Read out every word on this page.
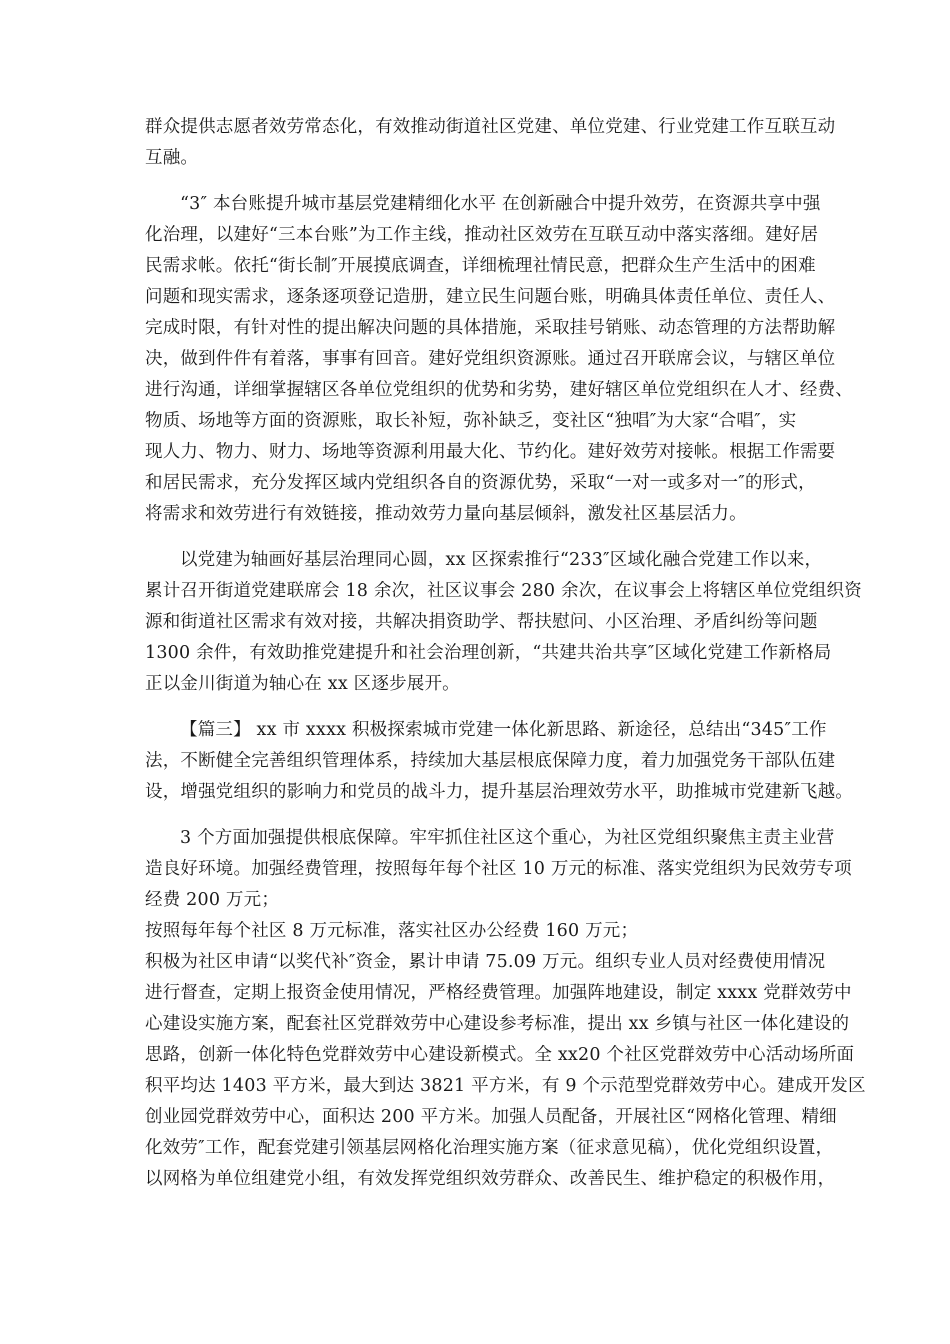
群众提供志愿者效劳常态化，有效推动街道社区党建、单位党建、行业党建工作互联互动
互融。
“3″ 本台账提升城市基层党建精细化水平 在创新融合中提升效劳，在资源共享中强
化治理，以建好“三本台账”为工作主线，推动社区效劳在互联互动中落实落细。建好居
民需求帐。依托“街长制″开展摸底调查，详细梳理社情民意，把群众生产生活中的困难
问题和现实需求，逐条逐项登记造册，建立民生问题台账，明确具体责任单位、责任人、
完成时限，有针对性的提出解决问题的具体措施，采取挂号销账、动态管理的方法帮助解
决，做到件件有着落，事事有回音。建好党组织资源账。通过召开联席会议，与辖区单位
进行沟通，详细掌握辖区各单位党组织的优势和劣势，建好辖区单位党组织在人才、经费、
物质、场地等方面的资源账，取长补短，弥补缺乏，变社区“独唱″为大家“合唱″，实
现人力、物力、财力、场地等资源利用最大化、节约化。建好效劳对接帐。根据工作需要
和居民需求，充分发挥区域内党组织各自的资源优势，采取“一对一或多对一″的形式，
将需求和效劳进行有效链接，推动效劳力量向基层倾斜，激发社区基层活力。
以党建为轴画好基层治理同心圆，xx 区探索推行“233″区域化融合党建工作以来，
累计召开街道党建联席会 18 余次，社区议事会 280 余次，在议事会上将辖区单位党组织资
源和街道社区需求有效对接，共解决捐资助学、帮扶慰问、小区治理、矛盾纠纷等问题
1300 余件，有效助推党建提升和社会治理创新，“共建共治共享″区域化党建工作新格局
正以金川街道为轴心在 xx 区逐步展开。
【篇三】 xx 市 xxxx 积极探索城市党建一体化新思路、新途径，总结出“345″工作
法，不断健全完善组织管理体系，持续加大基层根底保障力度，着力加强党务干部队伍建
设，增强党组织的影响力和党员的战斗力，提升基层治理效劳水平，助推城市党建新飞越。
3 个方面加强提供根底保障。牢牢抓住社区这个重心，为社区党组织聚焦主责主业营
造良好环境。加强经费管理，按照每年每个社区 10 万元的标准、落实党组织为民效劳专项
经费 200 万元；
按照每年每个社区 8 万元标准，落实社区办公经费 160 万元；
积极为社区申请“以奖代补″资金，累计申请 75.09 万元。组织专业人员对经费使用情况
进行督查，定期上报资金使用情况，严格经费管理。加强阵地建设，制定 xxxx 党群效劳中
心建设实施方案，配套社区党群效劳中心建设参考标准，提出 xx 乡镇与社区一体化建设的
思路，创新一体化特色党群效劳中心建设新模式。全 xx20 个社区党群效劳中心活动场所面
积平均达 1403 平方米，最大到达 3821 平方米，有 9 个示范型党群效劳中心。建成开发区
创业园党群效劳中心，面积达 200 平方米。加强人员配备，开展社区“网格化管理、精细
化效劳″工作，配套党建引领基层网格化治理实施方案（征求意见稿），优化党组织设置，
以网格为单位组建党小组，有效发挥党组织效劳群众、改善民生、维护稳定的积极作用，
